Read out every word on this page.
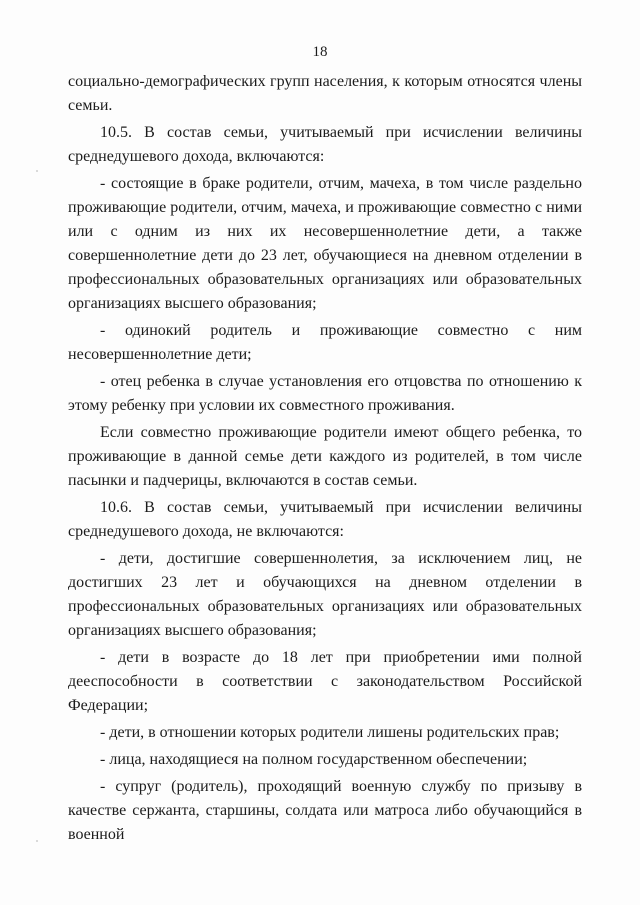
18

социально-демографических групп населения, к которым относятся члены семьи.

10.5. В состав семьи, учитываемый при исчислении величины среднедушевого дохода, включаются:

- состоящие в браке родители, отчим, мачеха, в том числе раздельно проживающие родители, отчим, мачеха, и проживающие совместно с ними или с одним из них их несовершеннолетние дети, а также совершеннолетние дети до 23 лет, обучающиеся на дневном отделении в профессиональных образовательных организациях или образовательных организациях высшего образования;

- одинокий родитель и проживающие совместно с ним несовершеннолетние дети;

- отец ребенка в случае установления его отцовства по отношению к этому ребенку при условии их совместного проживания.

Если совместно проживающие родители имеют общего ребенка, то проживающие в данной семье дети каждого из родителей, в том числе пасынки и падчерицы, включаются в состав семьи.

10.6. В состав семьи, учитываемый при исчислении величины среднедушевого дохода, не включаются:

- дети, достигшие совершеннолетия, за исключением лиц, не достигших 23 лет и обучающихся на дневном отделении в профессиональных образовательных организациях или образовательных организациях высшего образования;

- дети в возрасте до 18 лет при приобретении ими полной дееспособности в соответствии с законодательством Российской Федерации;

- дети, в отношении которых родители лишены родительских прав;

- лица, находящиеся на полном государственном обеспечении;

- супруг (родитель), проходящий военную службу по призыву в качестве сержанта, старшины, солдата или матроса либо обучающийся в военной
